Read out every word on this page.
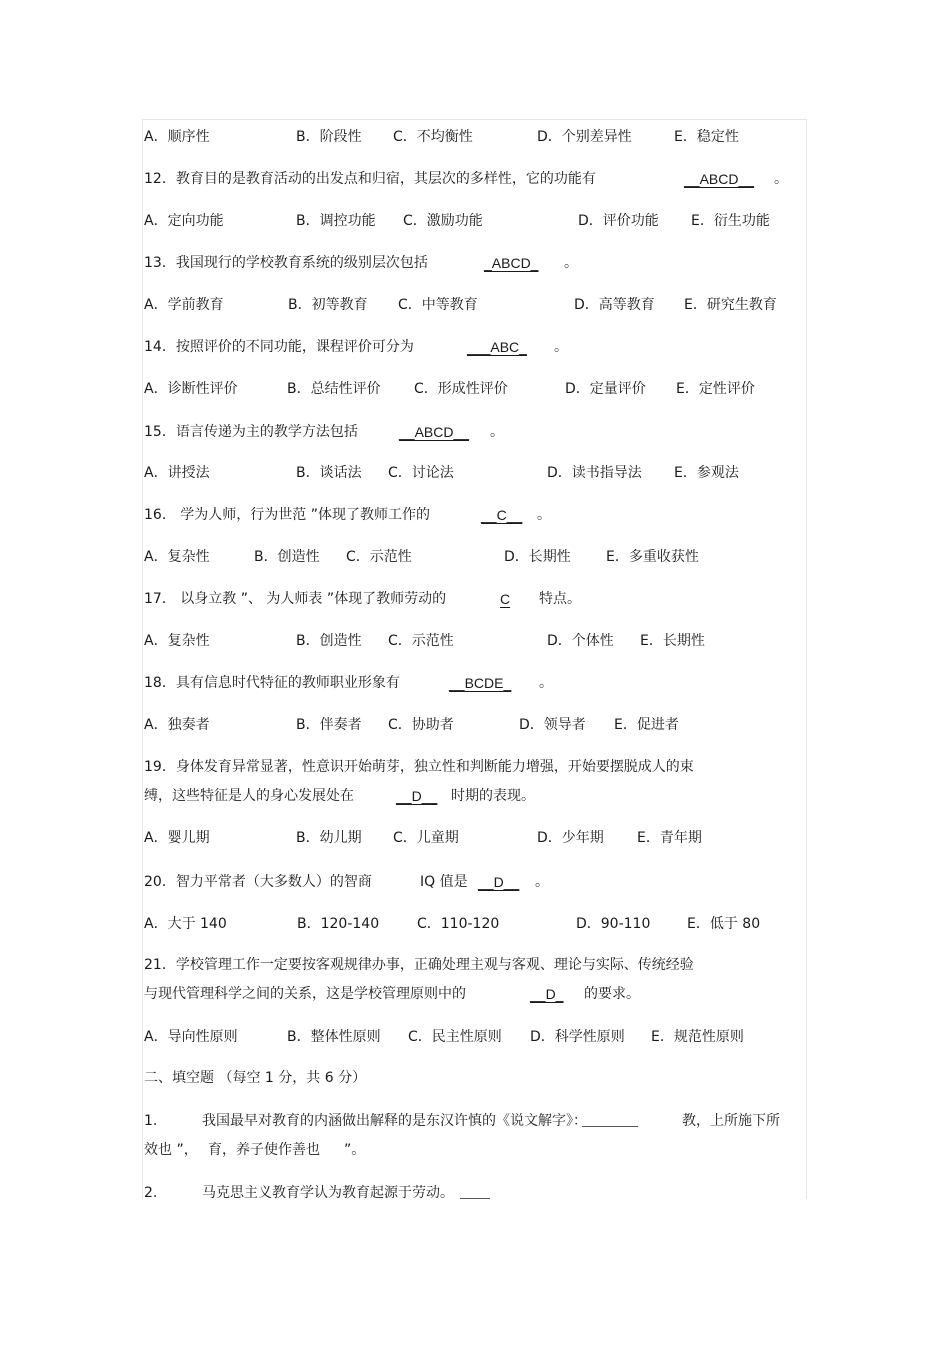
A．顺序性	B．阶段性 C．不均衡性	D．个别差异性	E．稳定性
12．教育目的是教育活动的出发点和归宿，其层次的多样性，它的功能有	__ABCD__ 。
A．定向功能	B．调控功能 C．激励功能	D．评价功能 E．衍生功能
13．我国现行的学校教育系统的级别层次包括	_ABCD_ 。
A．学前教育	B．初等教育 C．中等教育	D．高等教育 E．研究生教育
14．按照评价的不同功能，课程评价可分为	___ABC_ 。
A．诊断性评价	B．总结性评价 C．形成性评价	D．定量评价 E．定性评价
15．语言传递为主的教学方法包括	__ABCD__ 。
A．讲授法	B．谈话法 C．讨论法	D．读书指导法 E．参观法
16． 学为人师，行为世范 ”体现了教师工作的	__C__ 。
A．复杂性	B．创造性 C．示范性	D．长期性	E．多重收获性
17． 以身立教 ”、 为人师表 ”体现了教师劳动的	C 特点。
A．复杂性	B．创造性 C．示范性	D．个体性 E．长期性
18．具有信息时代特征的教师职业形象有	__BCDE_ 。
A．独奏者	B．伴奏者 C．协助者	D．领导者 E．促进者
19．身体发育异常显著，性意识开始萌芽，独立性和判断能力增强，开始要摆脱成人的束
缚，这些特征是人的身心发展处在	__D__ 时期的表现。
A．婴儿期	B．幼儿期 C．儿童期	D．少年期 E．青年期
20．智力平常者（大多数人）的智商	IQ 值是 __D__ 。
A．大于 140	B．120-140	C．110-120	D．90-110	E．低于 80
21．学校管理工作一定要按客观规律办事，正确处理主观与客观、理论与实际、传统经验
与现代管理科学之间的关系，这是学校管理原则中的	__D_ 的要求。
A．导向性原则	B．整体性原则 C．民主性原则 D．科学性原则 E．规范性原则
二、填空题 （每空 1 分，共 6 分）
1.	我国最早对教育的内涵做出解释的是东汉许慎的《说文解字》：	教，上所施下所
效也 ”， 育，养子使作善也 ”。
2.	马克思主义教育学认为教育起源于劳动。
